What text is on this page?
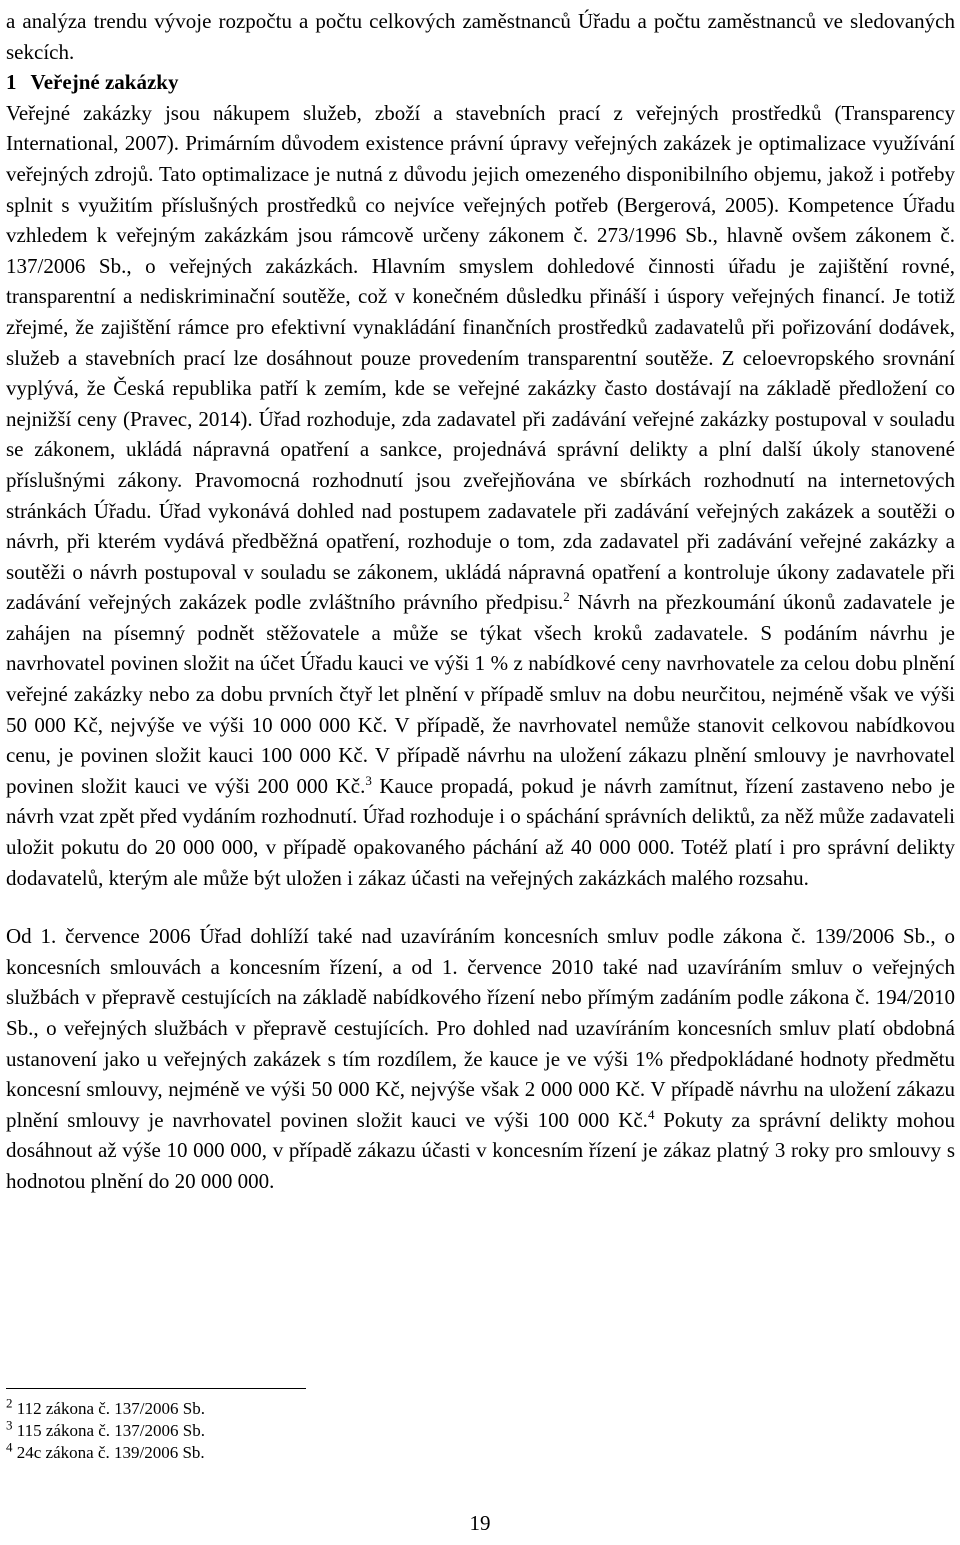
a analýza trendu vývoje rozpočtu a počtu celkových zaměstnanců Úřadu a počtu zaměstnanců ve sledovaných sekcích.

1 Veřejné zakázky

Veřejné zakázky jsou nákupem služeb, zboží a stavebních prací z veřejných prostředků (Transparency International, 2007). Primárním důvodem existence právní úpravy veřejných zakázek je optimalizace využívání veřejných zdrojů. Tato optimalizace je nutná z důvodu jejich omezeného disponibilního objemu, jakož i potřeby splnit s využitím příslušných prostředků co nejvíce veřejných potřeb (Bergerová, 2005). Kompetence Úřadu vzhledem k veřejným zakázkám jsou rámcově určeny zákonem č. 273/1996 Sb., hlavně ovšem zákonem č. 137/2006 Sb., o veřejných zakázkách. Hlavním smyslem dohledové činnosti úřadu je zajištění rovné, transparentní a nediskriminační soutěže, což v konečném důsledku přináší i úspory veřejných financí. Je totiž zřejmé, že zajištění rámce pro efektivní vynakládání finančních prostředků zadavatelů při pořizování dodávek, služeb a stavebních prací lze dosáhnout pouze provedením transparentní soutěže. Z celoevropského srovnání vyplývá, že Česká republika patří k zemím, kde se veřejné zakázky často dostávají na základě předložení co nejnižší ceny (Pravec, 2014). Úřad rozhoduje, zda zadavatel při zadávání veřejné zakázky postupoval v souladu se zákonem, ukládá nápravná opatření a sankce, projednává správní delikty a plní další úkoly stanovené příslušnými zákony. Pravomocná rozhodnutí jsou zveřejňována ve sbírkách rozhodnutí na internetových stránkách Úřadu. Úřad vykonává dohled nad postupem zadavatele při zadávání veřejných zakázek a soutěži o návrh, při kterém vydává předběžná opatření, rozhoduje o tom, zda zadavatel při zadávání veřejné zakázky a soutěži o návrh postupoval v souladu se zákonem, ukládá nápravná opatření a kontroluje úkony zadavatele při zadávání veřejných zakázek podle zvláštního právního předpisu.$^2$ Návrh na přezkoumání úkonů zadavatele je zahájen na písemný podnět stěžovatele a může se týkat všech kroků zadavatele. S podáním návrhu je navrhovatel povinen složit na účet Úřadu kauci ve výši 1 % z nabídkové ceny navrhovatele za celou dobu plnění veřejné zakázky nebo za dobu prvních čtyř let plnění v případě smluv na dobu neurčitou, nejméně však ve výši 50 000 Kč, nejvýše ve výši 10 000 000 Kč. V případě, že navrhovatel nemůže stanovit celkovou nabídkovou cenu, je povinen složit kauci 100 000 Kč. V případě návrhu na uložení zákazu plnění smlouvy je navrhovatel povinen složit kauci ve výši 200 000 Kč.$^3$ Kauce propadá, pokud je návrh zamítnut, řízení zastaveno nebo je návrh vzat zpět před vydáním rozhodnutí. Úřad rozhoduje i o spáchání správních deliktů, za něž může zadavateli uložit pokutu do 20 000 000, v případě opakovaného páchání až 40 000 000. Totéž platí i pro správní delikty dodavatelů, kterým ale může být uložen i zákaz účasti na veřejných zakázkách malého rozsahu.

Od 1. července 2006 Úřad dohlíží také nad uzavíráním koncesních smluv podle zákona č. 139/2006 Sb., o koncesních smlouvách a koncesním řízení, a od 1. července 2010 také nad uzavíráním smluv o veřejných službách v přepravě cestujících na základě nabídkového řízení nebo přímým zadáním podle zákona č. 194/2010 Sb., o veřejných službách v přepravě cestujících. Pro dohled nad uzavíráním koncesních smluv platí obdobná ustanovení jako u veřejných zakázek s tím rozdílem, že kauce je ve výši 1% předpokládané hodnoty předmětu koncesní smlouvy, nejméně ve výši 50 000 Kč, nejvýše však 2 000 000 Kč. V případě návrhu na uložení zákazu plnění smlouvy je navrhovatel povinen složit kauci ve výši 100 000 Kč.$^4$ Pokuty za správní delikty mohou dosáhnout až výše 10 000 000, v případě zákazu účasti v koncesním řízení je zákaz platný 3 roky pro smlouvy s hodnotou plnění do 20 000 000.

$^2$ 112 zákona č. 137/2006 Sb.
$^3$ 115 zákona č. 137/2006 Sb.
$^4$ 24c zákona č. 139/2006 Sb.
19
